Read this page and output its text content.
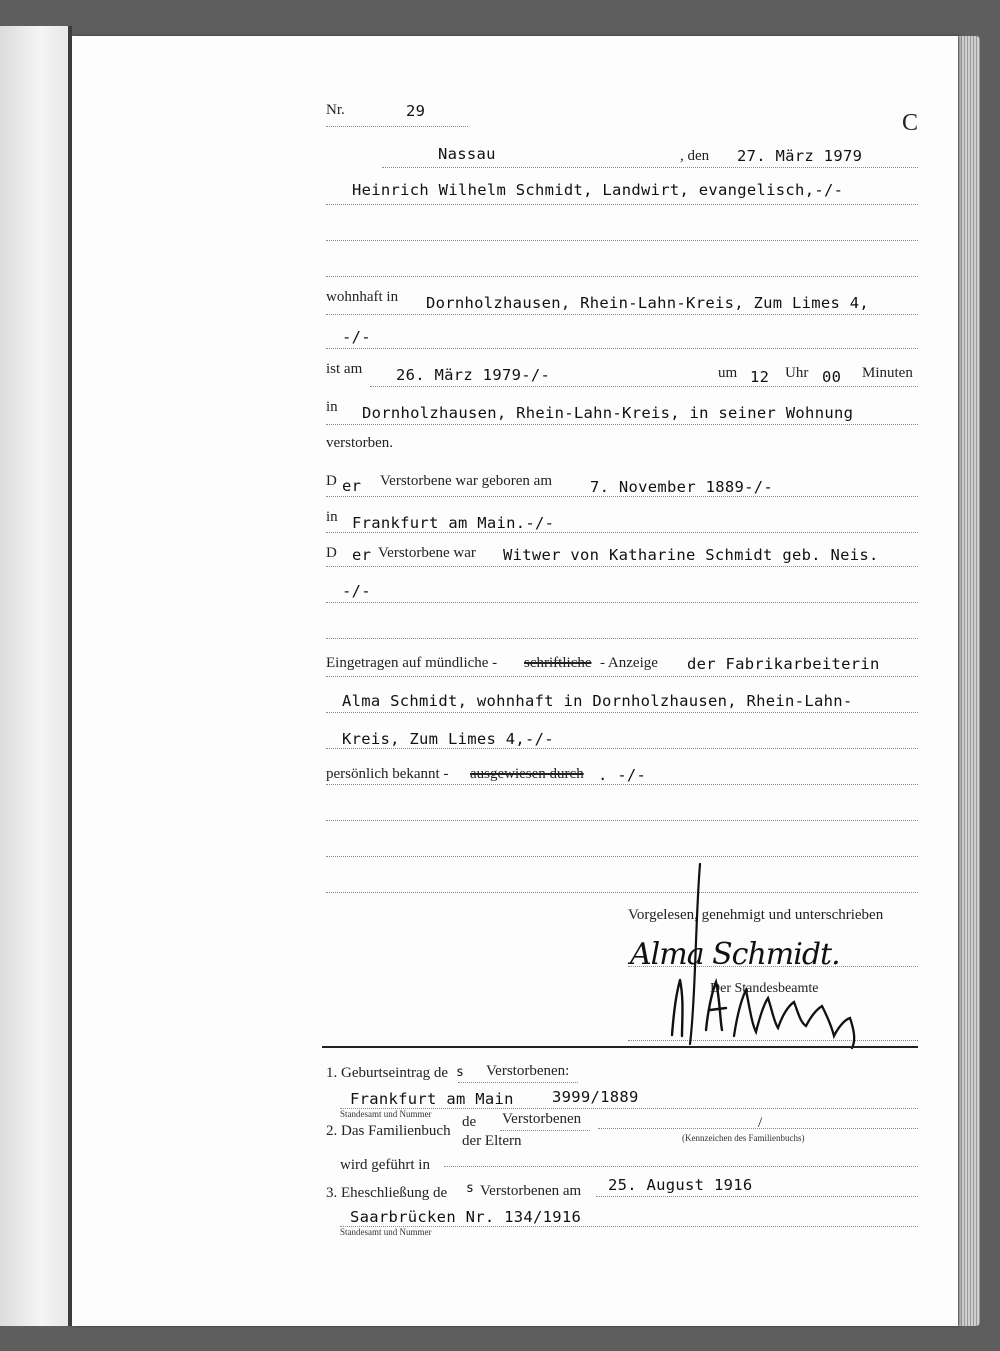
Nr.	29	C
Nassau	, den 27. März 1979
Heinrich Wilhelm Schmidt, Landwirt, evangelisch,-/-
wohnhaft in Dornholzhausen, Rhein-Lahn-Kreis, Zum Limes 4,
-/-
ist am 26. März 1979-/-	um 12 Uhr 00 Minuten
in Dornholzhausen, Rhein-Lahn-Kreis, in seiner Wohnung
verstorben.
D er Verstorbene war geboren am 7. November 1889-/-
in Frankfurt am Main.-/-
D er Verstorbene war Witwer von Katharine Schmidt geb. Neis.
-/-
Eingetragen auf mündliche - schriftliche - Anzeige der Fabrikarbeiterin
Alma Schmidt, wohnhaft in Dornholzhausen, Rhein-Lahn-
Kreis, Zum Limes 4,-/-
persönlich bekannt - ausgewiesen durch . -/-
Vorgelesen, genehmigt und unterschrieben
Alma Schmidt.
Der Standesbeamte
1. Geburtseintrag de s Verstorbenen:
Frankfurt am Main 3999/1889
Standesamt und Nummer
2. Das Familienbuch
de Verstorbenen
der Eltern
/
(Kennzeichen des Familienbuchs)
wird geführt in
3. Eheschließung de s Verstorbenen am 25. August 1916
Saarbrücken Nr. 134/1916
Standesamt und Nummer
